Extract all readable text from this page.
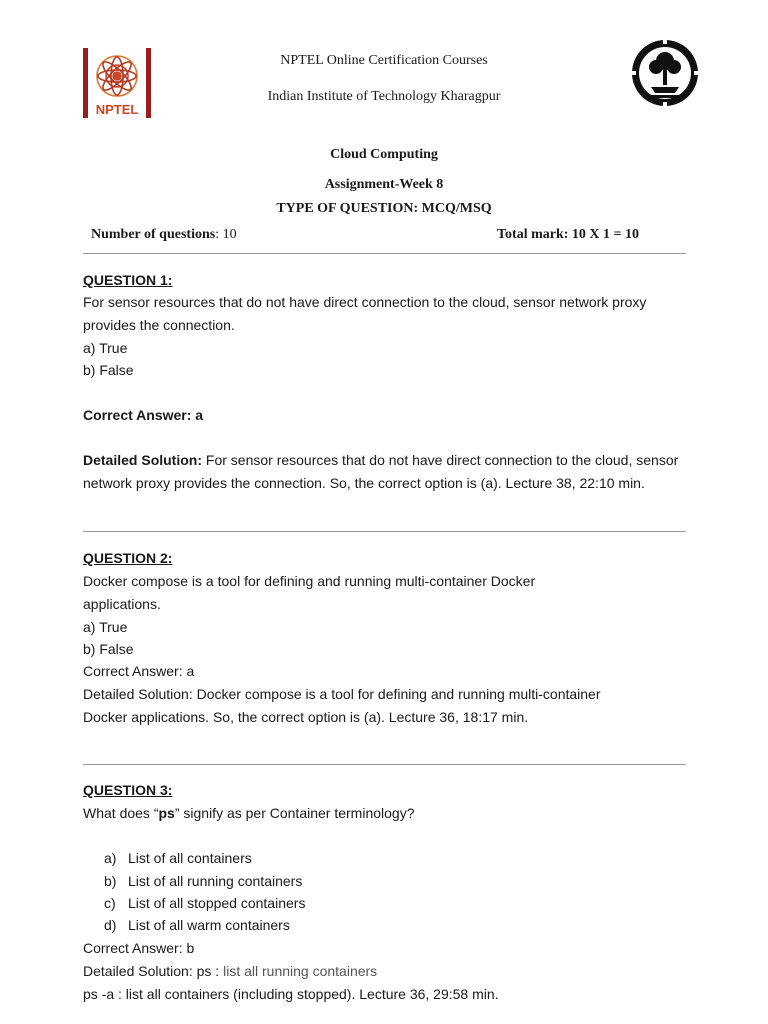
NPTEL
NPTEL Online Certification Courses
Indian Institute of Technology Kharagpur
Cloud Computing
Assignment-Week 8
TYPE OF QUESTION: MCQ/MSQ
Number of questions: 10	Total mark: 10 X 1 = 10
QUESTION 1:
For sensor resources that do not have direct connection to the cloud, sensor network proxy
provides the connection.
a) True
b) False
Correct Answer: a
Detailed Solution: For sensor resources that do not have direct connection to the cloud, sensor
network proxy provides the connection. So, the correct option is (a). Lecture 38, 22:10 min.
QUESTION 2:
Docker compose is a tool for defining and running multi-container Docker
applications.
a) True
b) False
Correct Answer: a
Detailed Solution: Docker compose is a tool for defining and running multi-container
Docker applications. So, the correct option is (a). Lecture 36, 18:17 min.
QUESTION 3:
What does “ps” signify as per Container terminology?
a) List of all containers
b) List of all running containers
c) List of all stopped containers
d) List of all warm containers
Correct Answer: b
Detailed Solution: ps : list all running containers
ps -a : list all containers (including stopped). Lecture 36, 29:58 min.
